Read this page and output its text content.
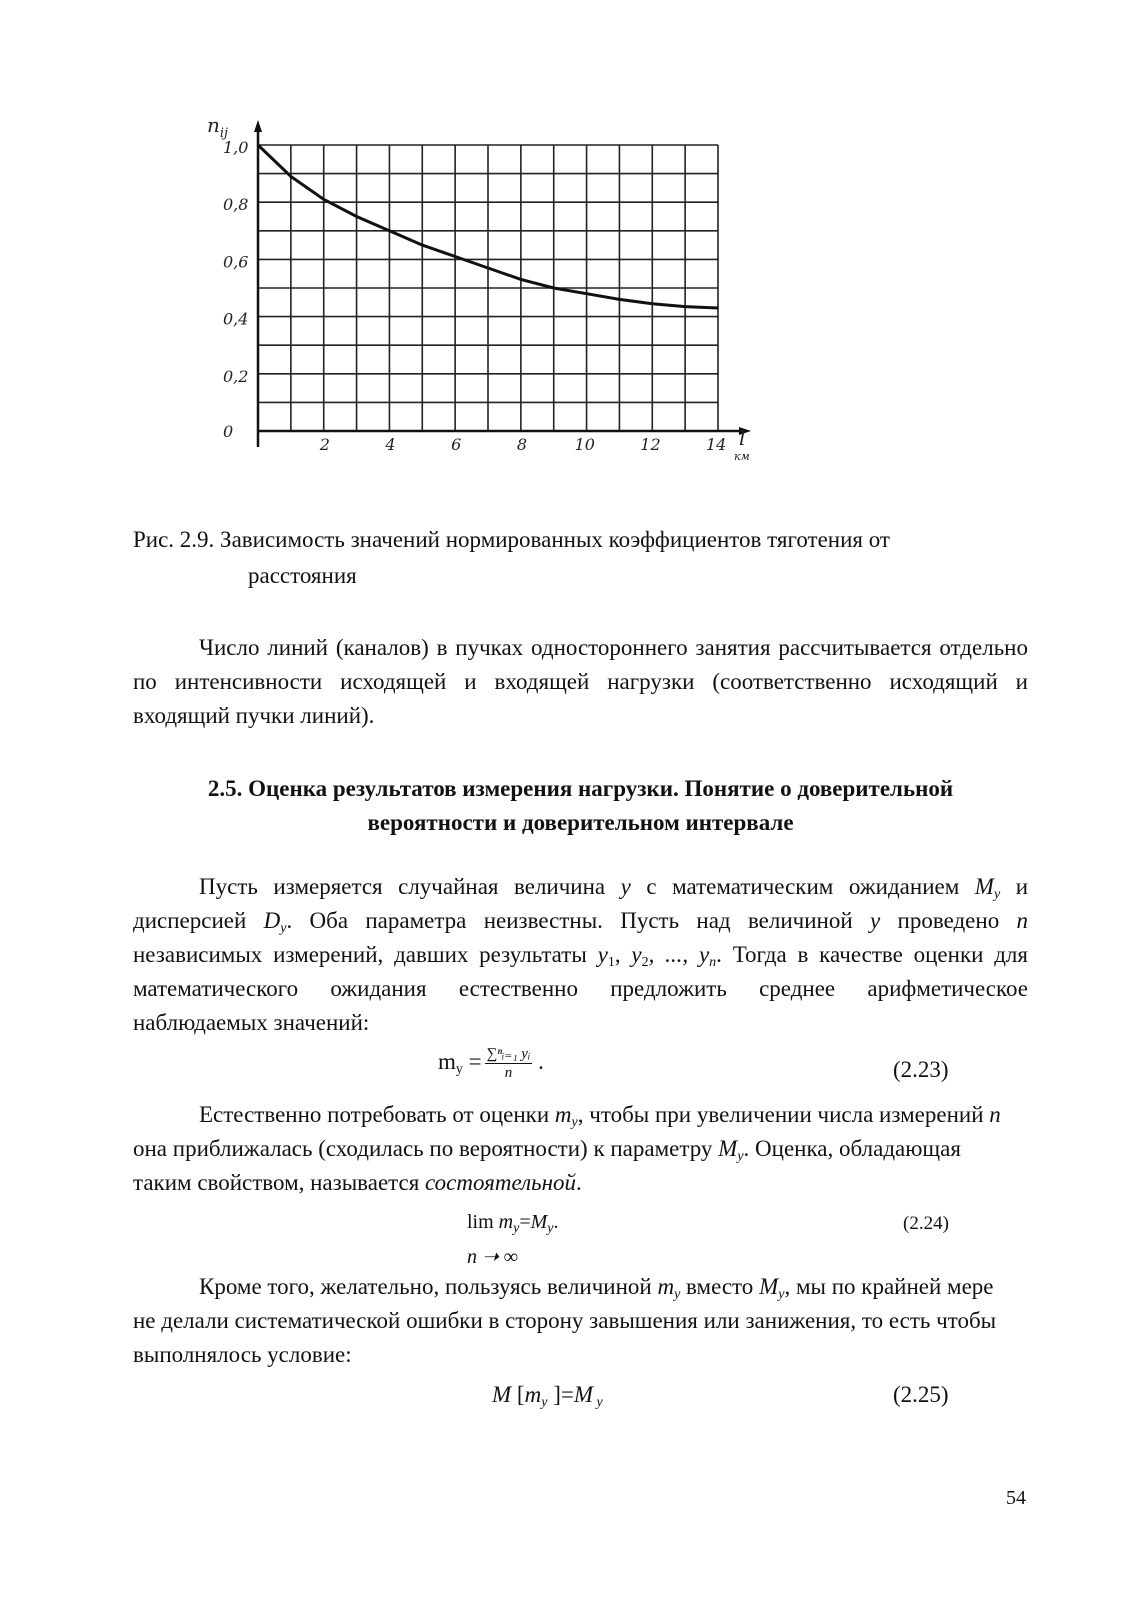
1,0
0,8
0,6
0,4
0,2
0
2	4	6	8	10	12	14
$n_{ij}$
l
км

Рис. 2.9. Зависимость значений нормированных коэффициентов тяготения от

расстояния

Число линий (каналов) в пучках одностороннего занятия рассчитывается отдельно по интенсивности исходящей и входящей нагрузки (соответственно исходящий и входящий пучки линий).

2.5. Оценка результатов измерения нагрузки. Понятие о доверительной

вероятности и доверительном интервале

Пусть измеряется случайная величина y с математическим ожиданием $M_y$ и дисперсией $D_y$. Оба параметра неизвестны. Пусть над величиной y проведено n независимых измерений, давших результаты $y_1$, $y_2$, ..., $y_n$. Тогда в качестве оценки для математического ожидания естественно предложить среднее арифметическое наблюдаемых значений:

$m_y = \frac{\text{∑ⁿᵢ₌₁ yᵢ}}{n}$ .	(2.23)

Естественно потребовать от оценки $m_y$, чтобы при увеличении числа измерений n она приближалась (сходилась по вероятности) к параметру $M_y$. Оценка, обладающая таким свойством, называется состоятельной.

$\lim m_y=M_y$.
n ➝ ∞
(2.24)

Кроме того, желательно, пользуясь величиной $m_y$ вместо $M_y$, мы по крайней мере не делали систематической ошибки в сторону завышения или занижения, то есть чтобы выполнялось условие:

M [$m_y$ ]=M $_y$	(2.25)
54
